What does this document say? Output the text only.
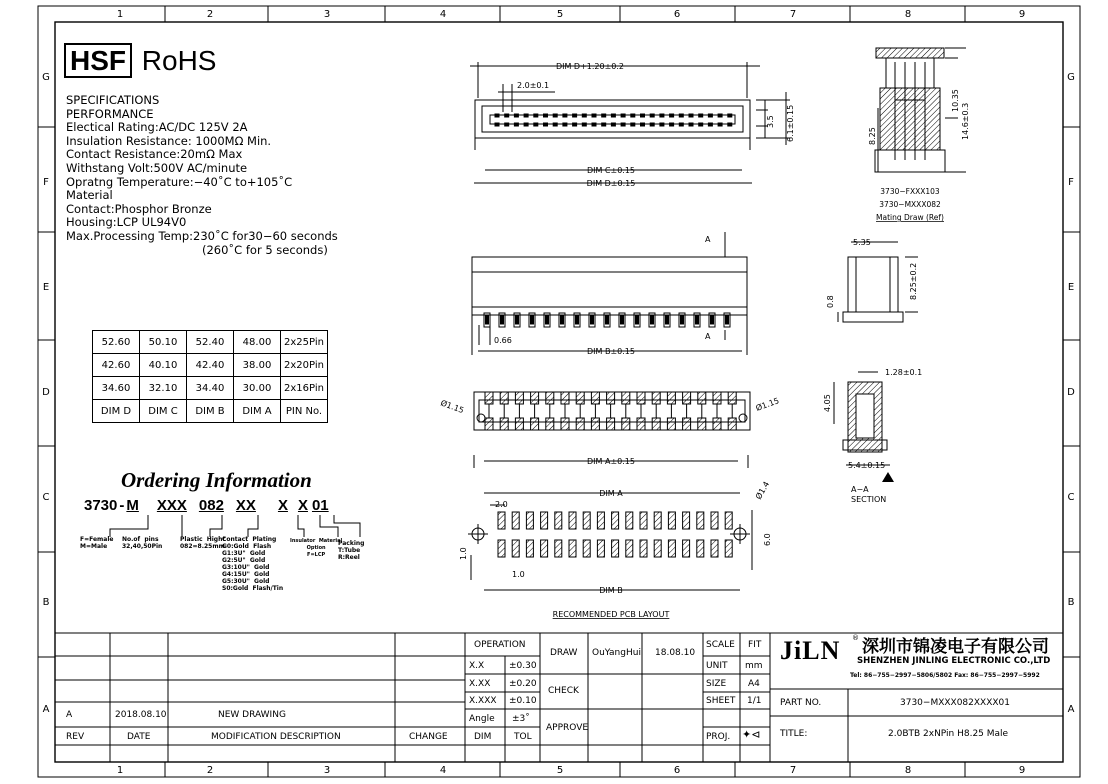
1	2	3	4	5	6	7	8	9
1	2	3	4	5	6	7	8	9
G
F
E
D
C
B
A
G
F
E
D
C
B
A
DIM D+1.20±0.2
2.0±0.1
DIM C±0.15
DIM D±0.15
3.5 6.1±0.15
10.35
14.6±0.3
8.25
3730−FXXX103
3730−MXXX082
Mating Draw (Ref)
A
A
0.66
DIM B±0.15
5.35
0.8
8.25±0.2
Ø1.15	Ø1.15
DIM A±0.15
1.28±0.1
4.05
5.4±0.15
DIM A
2.0
Ø1.4
6.0
1.0
1.0
DIM B
RECOMMENDED PCB LAYOUT
HSF RoHS
SPECIFICATIONS
PERFORMANCE
Electical Rating:AC/DC 125V 2A
Insulation Resistance: 1000MΩ Min.
Contact Resistance:20mΩ Max
Withstang Volt:500V AC/minute
Opratng Temperature:−40˚C to+105˚C
Material
Contact:Phosphor Bronze
Housing:LCP UL94V0
Max.Processing Temp:230˚C for30−60 seconds
(260˚C for 5 seconds)
52.60	50.10	52.40	48.00	2x25Pin
42.60	40.10	42.40	38.00	2x20Pin
34.60	32.10	34.40	30.00	2x16Pin
DIM D	DIM C	DIM B	DIM A	PIN No.
Ordering Information
3730 - M XXX 082 XX X X 01
F=Female
M=Male
No.of  pins
32,40,50Pin
Plastic  Hight
082=8.25mm
Contact  Plating
G0:Gold  Flash
G1:3U"  Gold
G2:5U"  Gold
G3:10U"  Gold
G4:15U"  Gold
G5:30U"  Gold
S0:Gold  Flash/Tin
Insulator  Material
Option
F=LCP
Packing
T:Tube
R:Reel
A−A
SECTION
A	2018.08.10	NEW DRAWING
REV	DATE	MODIFICATION DESCRIPTION	CHANGE
OPERATION
X.X	±0.30
X.XX ±0.20
X.XXX ±0.10
Angle ±3˚
DIM	TOL
DRAW OuYangHui 18.08.10
CHECK
APPROVE
SCALE FIT
UNIT mm
SIZE A4
SHEET 1/1
PROJ. ✦⊲
JiLN ® 深圳市锦凌电子有限公司
SHENZHEN JINLING ELECTRONIC CO.,LTD
Tel: 86−755−2997−5806/5802 Fax: 86−755−2997−5992
PART NO.	3730−MXXX082XXXX01
TITLE:	2.0BTB 2xNPin H8.25 Male
